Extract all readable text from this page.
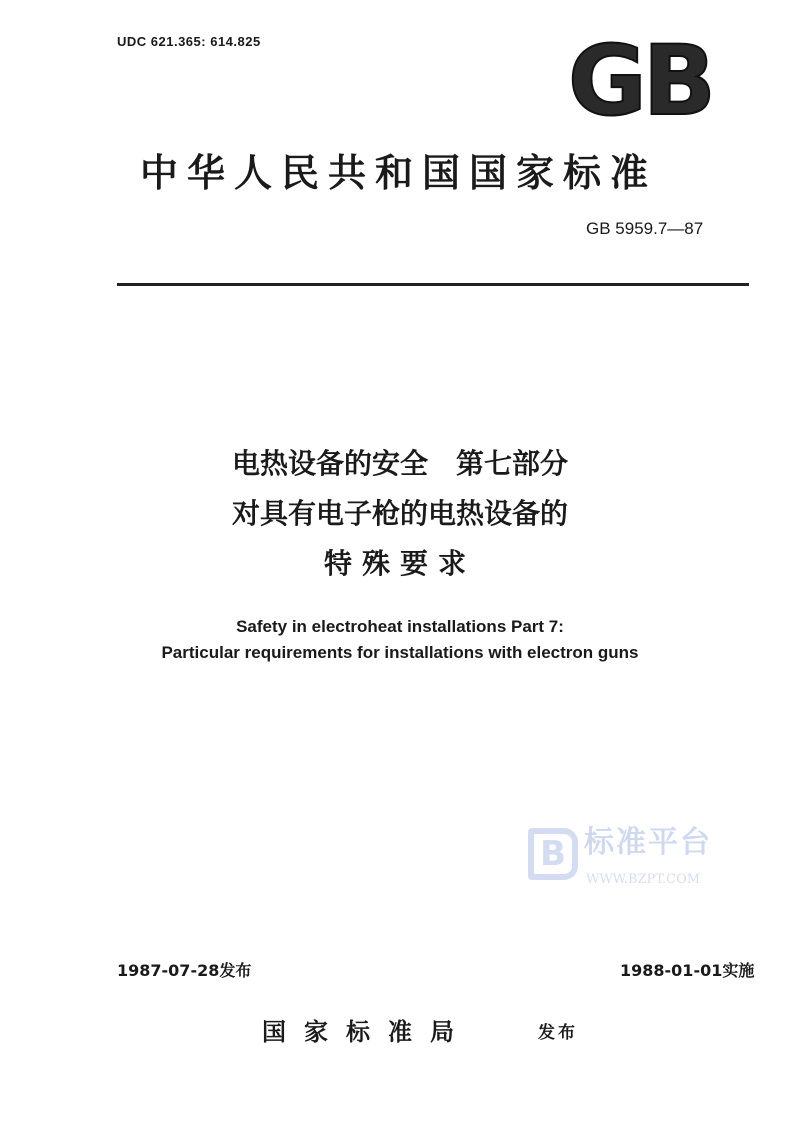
UDC 621.365: 614.825	GB
中华人民共和国国家标准
GB 5959.7—87
电热设备的安全　第七部分
对具有电子枪的电热设备的
特殊要求
Safety in electroheat installations Part 7:
Particular requirements for installations with electron guns
B 标准平台
WWW.BZPT.COM
1987-07-28发布	1988-01-01实施
国家标准局	发布
